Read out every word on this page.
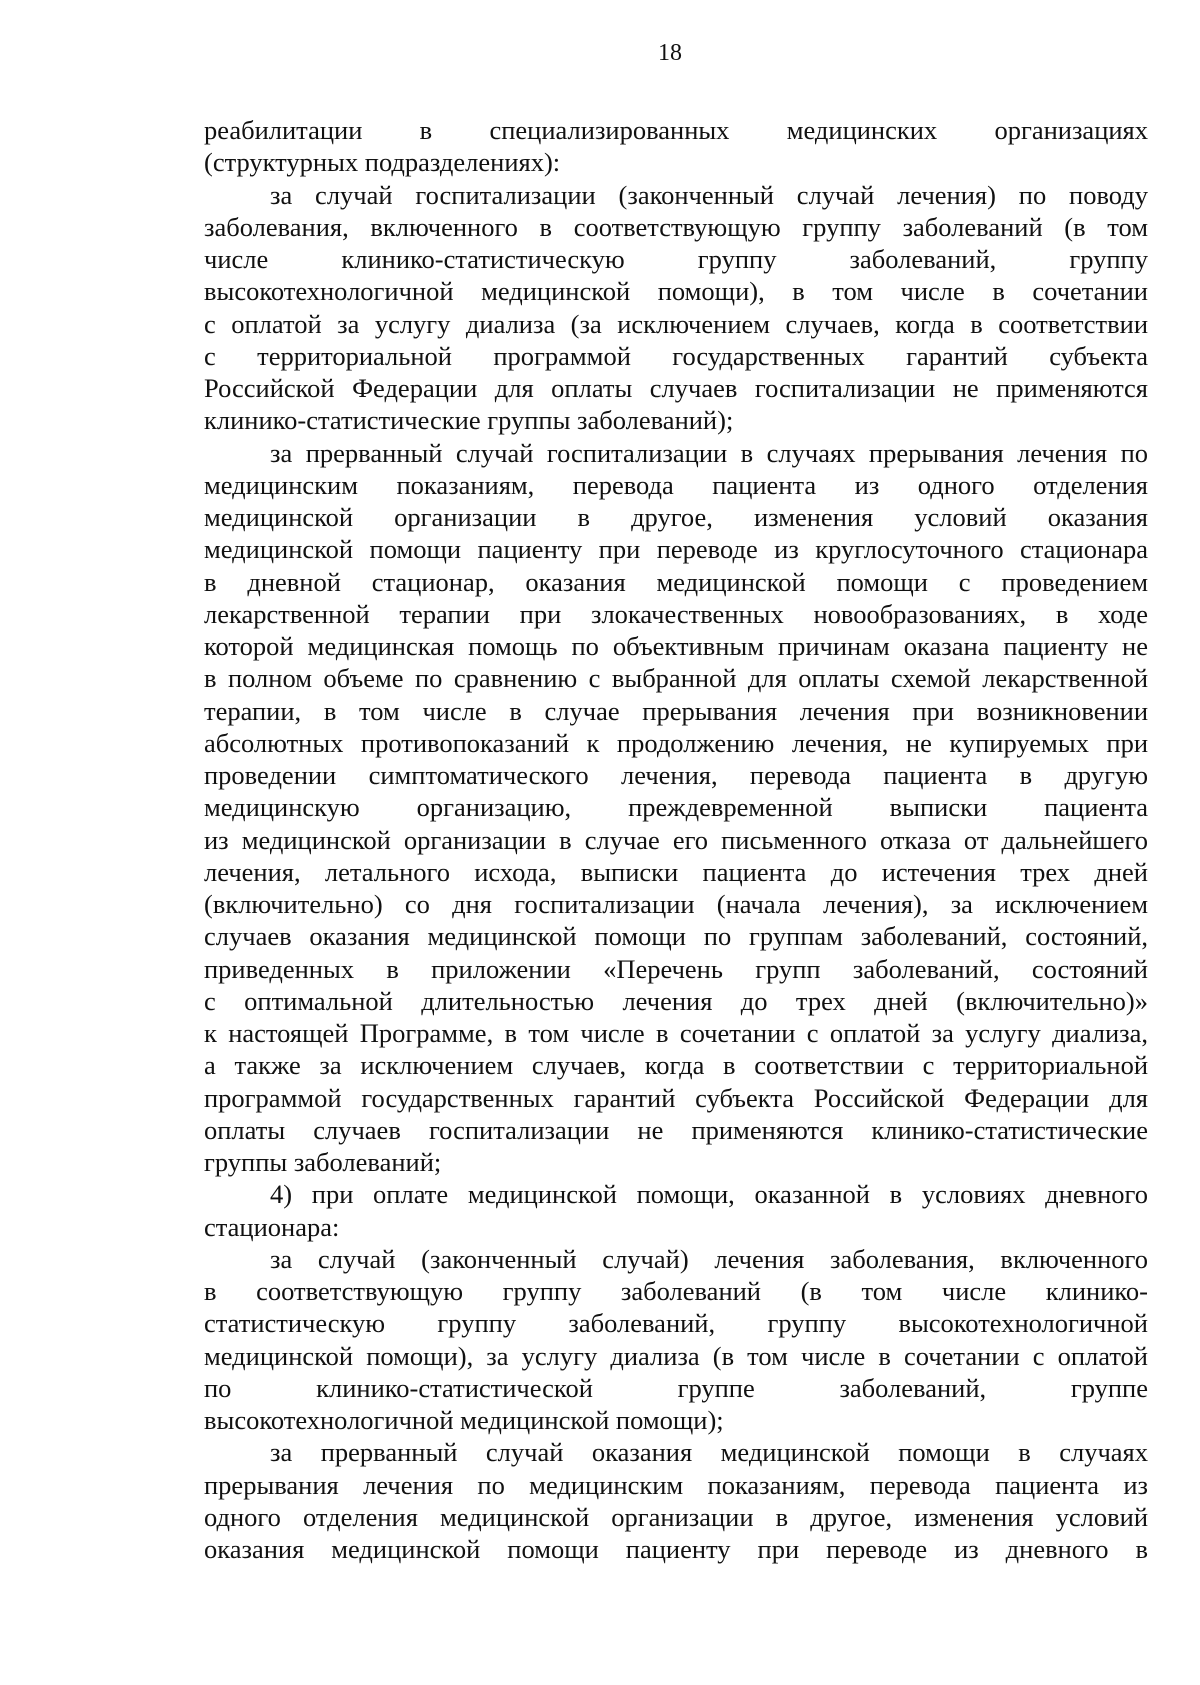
18
реабилитации в специализированных медицинских организациях
(структурных подразделениях):
за случай госпитализации (законченный случай лечения) по поводу
заболевания, включенного в соответствующую группу заболеваний (в том
числе клинико-статистическую группу заболеваний, группу
высокотехнологичной медицинской помощи), в том числе в сочетании
с оплатой за услугу диализа (за исключением случаев, когда в соответствии
с территориальной программой государственных гарантий субъекта
Российской Федерации для оплаты случаев госпитализации не применяются
клинико-статистические группы заболеваний);
за прерванный случай госпитализации в случаях прерывания лечения по
медицинским показаниям, перевода пациента из одного отделения
медицинской организации в другое, изменения условий оказания
медицинской помощи пациенту при переводе из круглосуточного стационара
в дневной стационар, оказания медицинской помощи с проведением
лекарственной терапии при злокачественных новообразованиях, в ходе
которой медицинская помощь по объективным причинам оказана пациенту не
в полном объеме по сравнению с выбранной для оплаты схемой лекарственной
терапии, в том числе в случае прерывания лечения при возникновении
абсолютных противопоказаний к продолжению лечения, не купируемых при
проведении симптоматического лечения, перевода пациента в другую
медицинскую организацию, преждевременной выписки пациента
из медицинской организации в случае его письменного отказа от дальнейшего
лечения, летального исхода, выписки пациента до истечения трех дней
(включительно) со дня госпитализации (начала лечения), за исключением
случаев оказания медицинской помощи по группам заболеваний, состояний,
приведенных в приложении «Перечень групп заболеваний, состояний
с оптимальной длительностью лечения до трех дней (включительно)»
к настоящей Программе, в том числе в сочетании с оплатой за услугу диализа,
а также за исключением случаев, когда в соответствии с территориальной
программой государственных гарантий субъекта Российской Федерации для
оплаты случаев госпитализации не применяются клинико-статистические
группы заболеваний;
4) при оплате медицинской помощи, оказанной в условиях дневного
стационара:
за случай (законченный случай) лечения заболевания, включенного
в соответствующую группу заболеваний (в том числе клинико-
статистическую группу заболеваний, группу высокотехнологичной
медицинской помощи), за услугу диализа (в том числе в сочетании с оплатой
по клинико-статистической группе заболеваний, группе
высокотехнологичной медицинской помощи);
за прерванный случай оказания медицинской помощи в случаях
прерывания лечения по медицинским показаниям, перевода пациента из
одного отделения медицинской организации в другое, изменения условий
оказания медицинской помощи пациенту при переводе из дневного в
